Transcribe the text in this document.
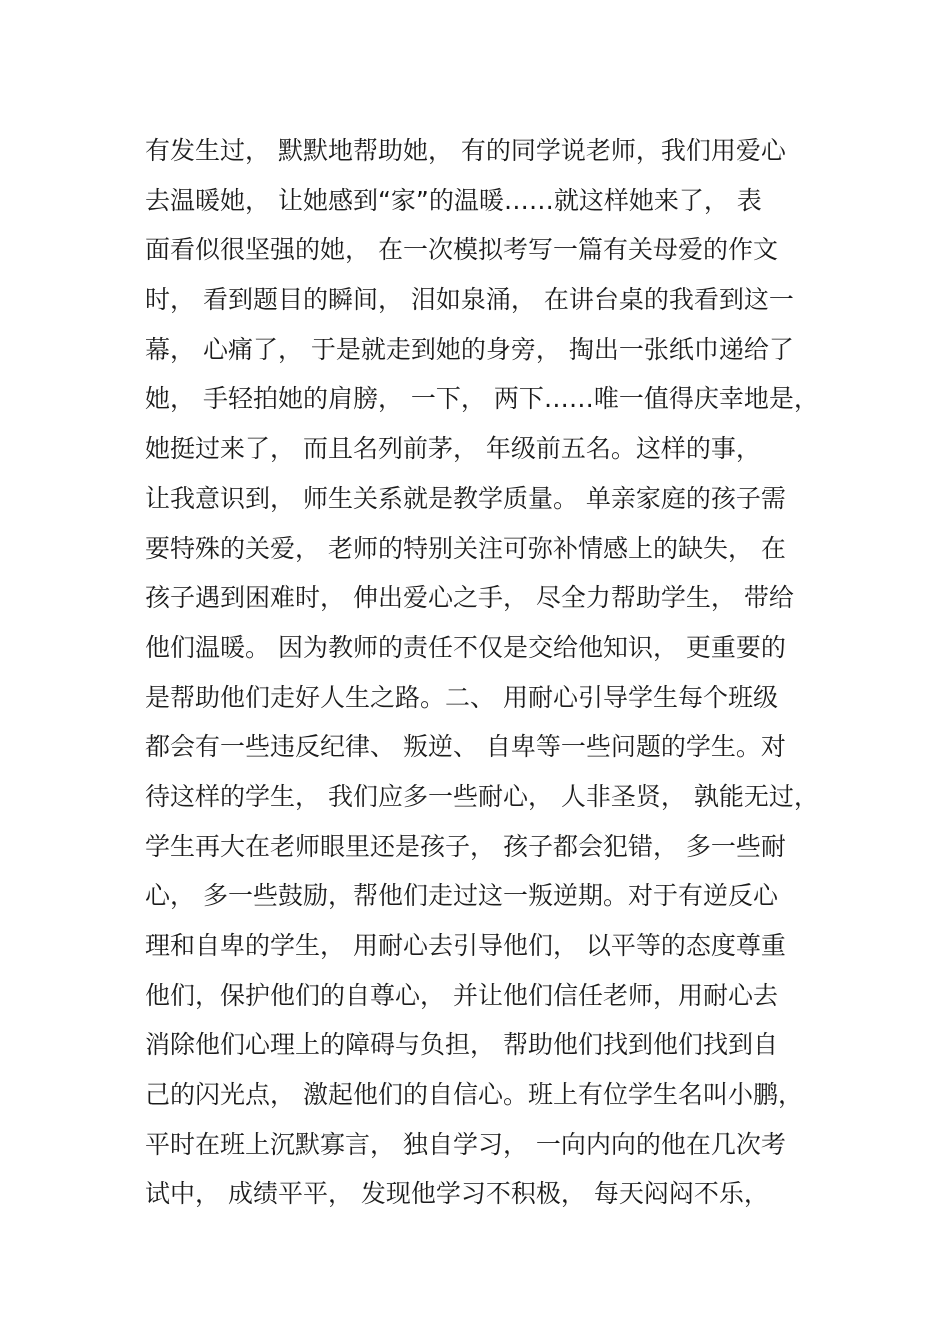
有发生过， 默默地帮助她， 有的同学说老师，我们用爱心
去温暖她， 让她感到“家”的温暖……就这样她来了， 表
面看似很坚强的她， 在一次模拟考写一篇有关母爱的作文
时， 看到题目的瞬间， 泪如泉涌， 在讲台桌的我看到这一
幕， 心痛了， 于是就走到她的身旁， 掏出一张纸巾递给了
她， 手轻拍她的肩膀， 一下， 两下……唯一值得庆幸地是，
她挺过来了， 而且名列前茅， 年级前五名。这样的事，
让我意识到， 师生关系就是教学质量。 单亲家庭的孩子需
要特殊的关爱， 老师的特别关注可弥补情感上的缺失， 在
孩子遇到困难时， 伸出爱心之手， 尽全力帮助学生， 带给
他们温暖。 因为教师的责任不仅是交给他知识， 更重要的
是帮助他们走好人生之路。二、 用耐心引导学生每个班级
都会有一些违反纪律、 叛逆、 自卑等一些问题的学生。对
待这样的学生， 我们应多一些耐心， 人非圣贤， 孰能无过，
学生再大在老师眼里还是孩子， 孩子都会犯错， 多一些耐
心， 多一些鼓励，帮他们走过这一叛逆期。对于有逆反心
理和自卑的学生， 用耐心去引导他们， 以平等的态度尊重
他们，保护他们的自尊心， 并让他们信任老师，用耐心去
消除他们心理上的障碍与负担， 帮助他们找到他们找到自
己的闪光点， 激起他们的自信心。班上有位学生名叫小鹏，
平时在班上沉默寡言， 独自学习， 一向内向的他在几次考
试中， 成绩平平， 发现他学习不积极， 每天闷闷不乐，
